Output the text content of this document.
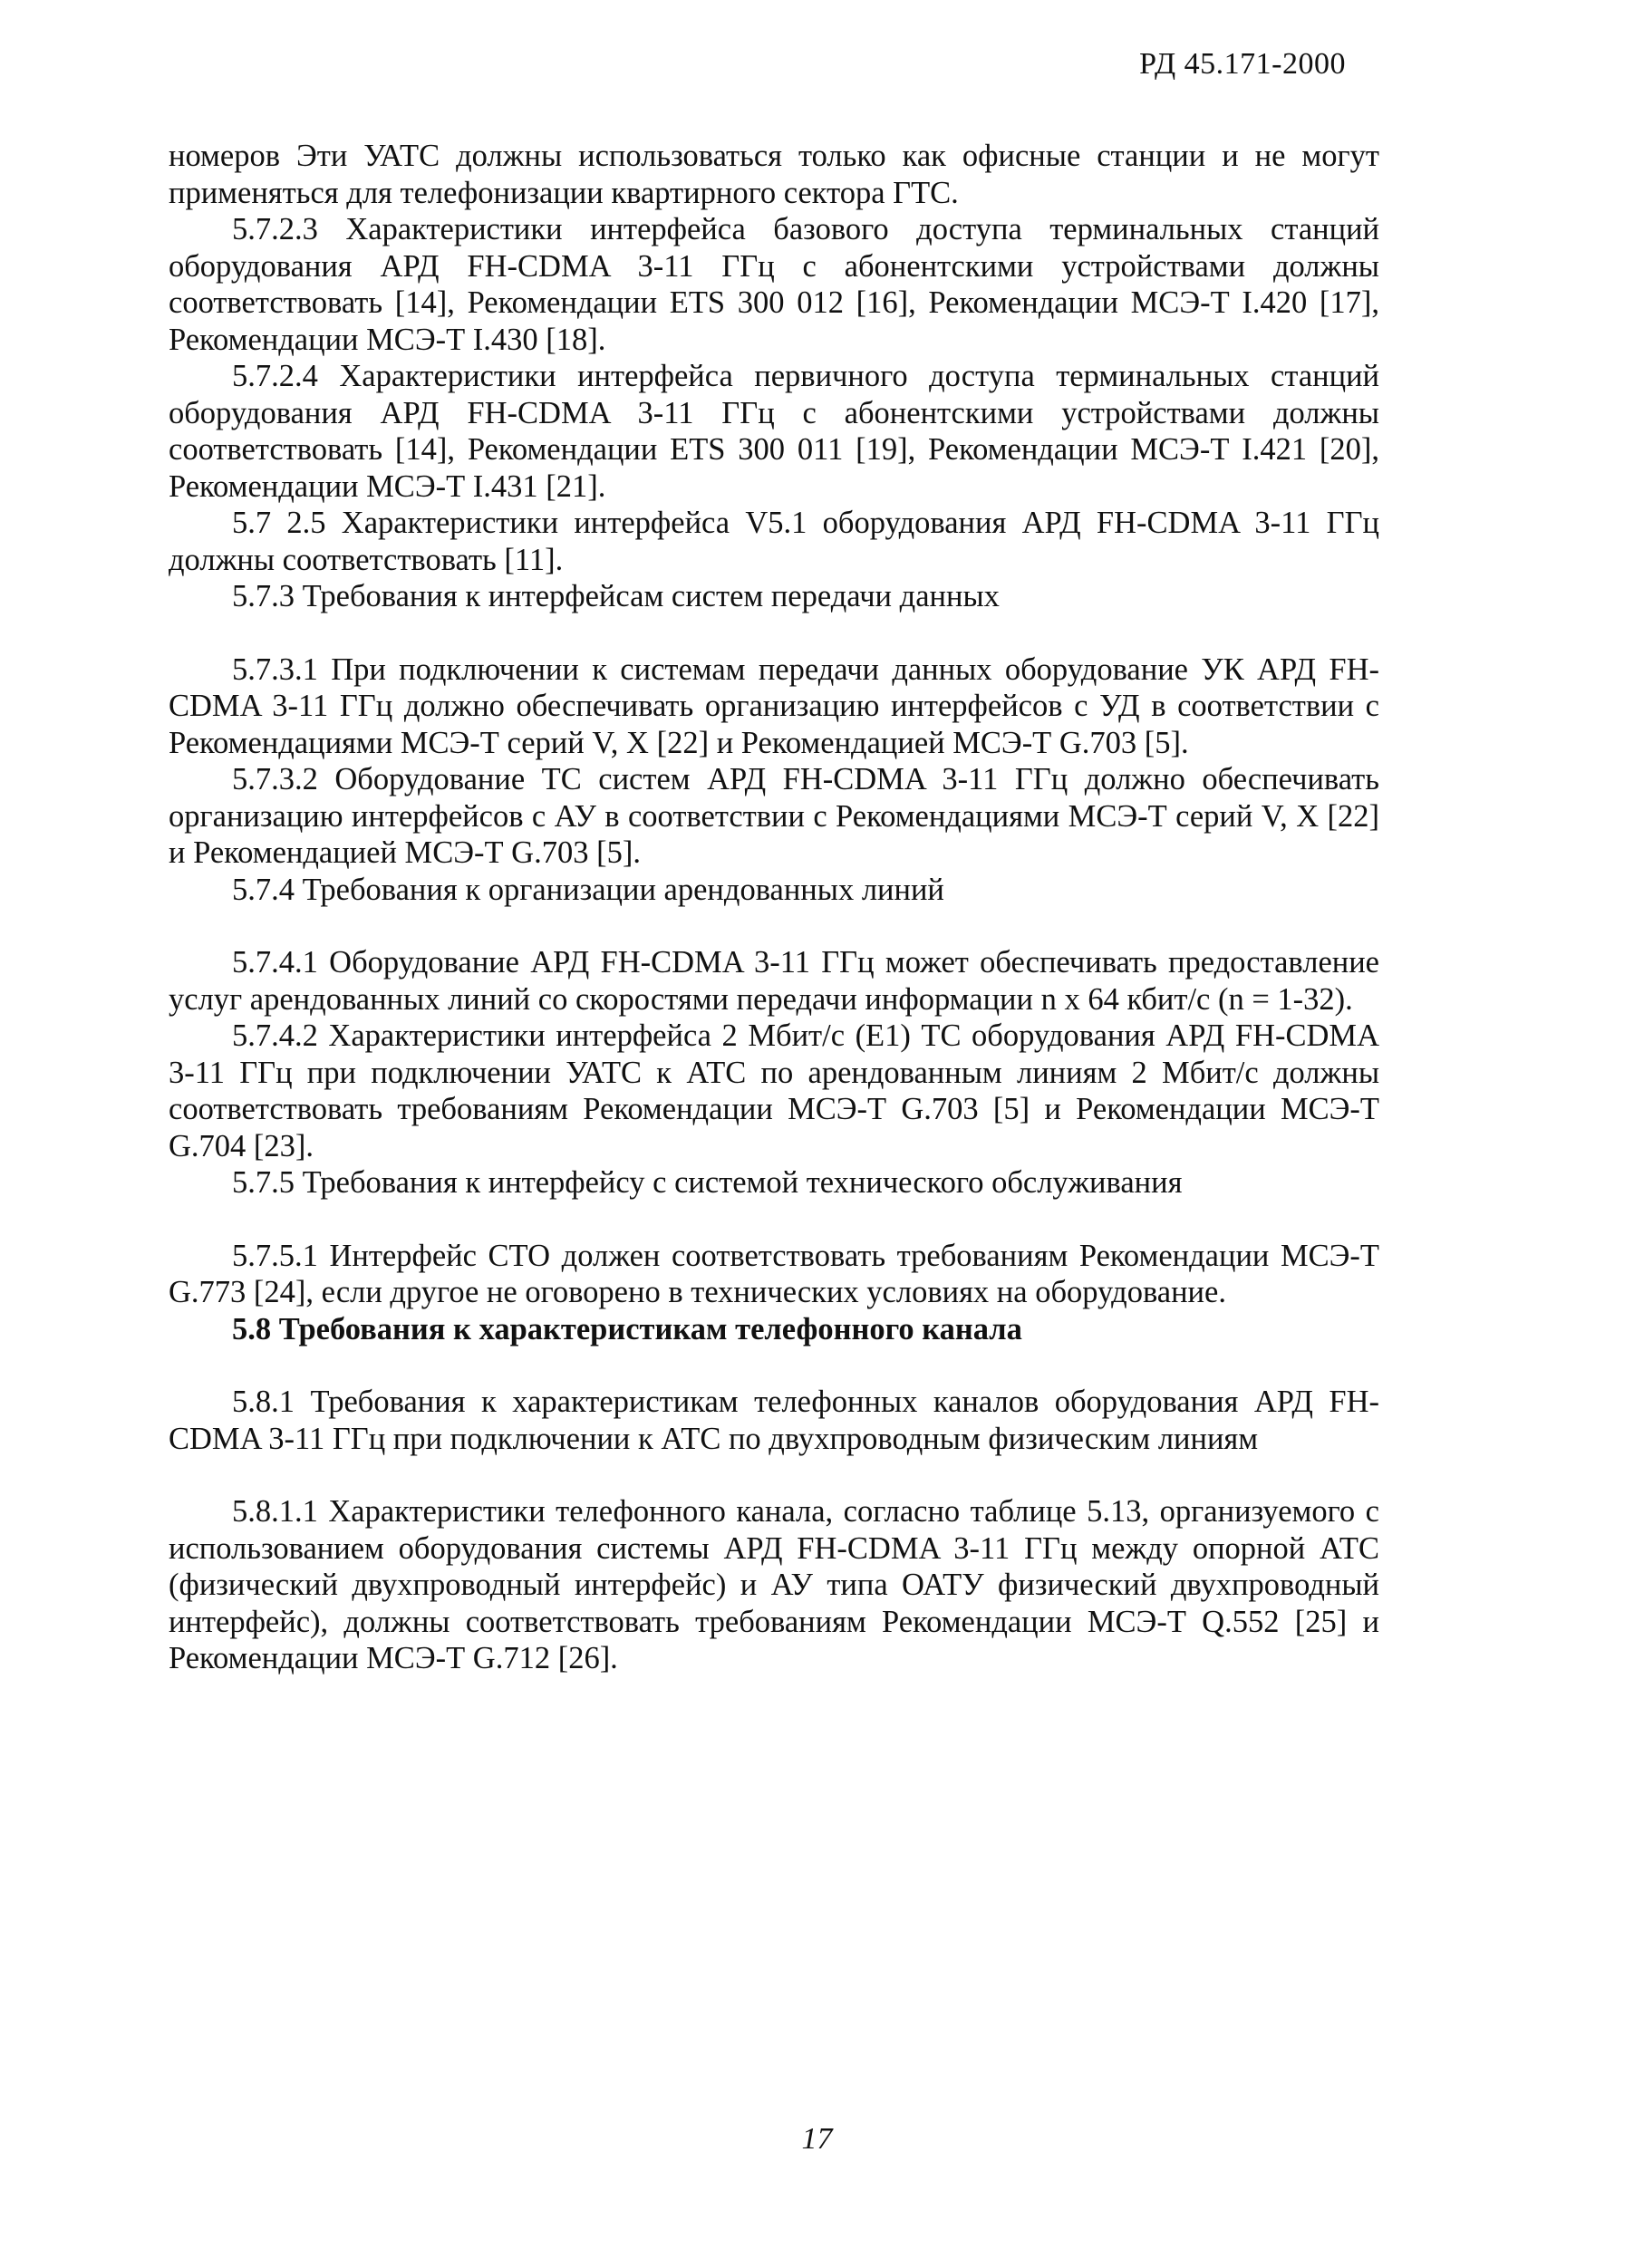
РД 45.171-2000

номеров Эти УАТС должны использоваться только как офисные станции и не могут применяться для телефонизации квартирного сектора ГТС.

5.7.2.3 Характеристики интерфейса базового доступа терминальных станций оборудования АРД FH-CDMA 3-11 ГГц с абонентскими устройствами должны соответствовать [14], Рекомендации ETS 300 012 [16], Рекомендации МСЭ-Т I.420 [17], Рекомендации МСЭ-Т I.430 [18].

5.7.2.4 Характеристики интерфейса первичного доступа терминальных станций оборудования АРД FH-CDMA 3-11 ГГц с абонентскими устройствами должны соответствовать [14], Рекомендации ETS 300 011 [19], Рекомендации МСЭ-Т I.421 [20], Рекомендации МСЭ-Т I.431 [21].

5.7 2.5 Характеристики интерфейса V5.1 оборудования АРД FH-CDMA 3-11 ГГц должны соответствовать [11].

5.7.3 Требования к интерфейсам систем передачи данных

5.7.3.1 При подключении к системам передачи данных оборудование УК АРД FH-CDMA 3-11 ГГц должно обеспечивать организацию интерфейсов с УД в соответствии с Рекомендациями МСЭ-Т серий V, X [22] и Рекомендацией МСЭ-Т G.703 [5].

5.7.3.2 Оборудование ТС систем АРД FH-CDMA 3-11 ГГц должно обеспечивать организацию интерфейсов с АУ в соответствии с Рекомендациями МСЭ-Т серий V, X [22] и Рекомендацией МСЭ-Т G.703 [5].

5.7.4 Требования к организации арендованных линий

5.7.4.1 Оборудование АРД FH-CDMA 3-11 ГГц может обеспечивать предоставление услуг арендованных линий со скоростями передачи информации n x 64 кбит/с (n = 1-32).

5.7.4.2 Характеристики интерфейса 2 Мбит/с (E1) ТС оборудования АРД FH-CDMA 3-11 ГГц при подключении УАТС к АТС по арендованным линиям 2 Мбит/с должны соответствовать требованиям Рекомендации МСЭ-Т G.703 [5] и Рекомендации МСЭ-Т G.704 [23].

5.7.5 Требования к интерфейсу с системой технического обслуживания

5.7.5.1 Интерфейс СТО должен соответствовать требованиям Рекомендации МСЭ-Т G.773 [24], если другое не оговорено в технических условиях на оборудование.

5.8 Требования к характеристикам телефонного канала

5.8.1 Требования к характеристикам телефонных каналов оборудования АРД FH-CDMA 3-11 ГГц при подключении к АТС по двухпроводным физическим линиям

5.8.1.1 Характеристики телефонного канала, согласно таблице 5.13, организуемого с использованием оборудования системы АРД FH-CDMA 3-11 ГГц между опорной АТС (физический двухпроводный интерфейс) и АУ типа ОАТУ физический двухпроводный интерфейс), должны соответствовать требованиям Рекомендации МСЭ-Т Q.552 [25] и Рекомендации МСЭ-Т G.712 [26].

17
